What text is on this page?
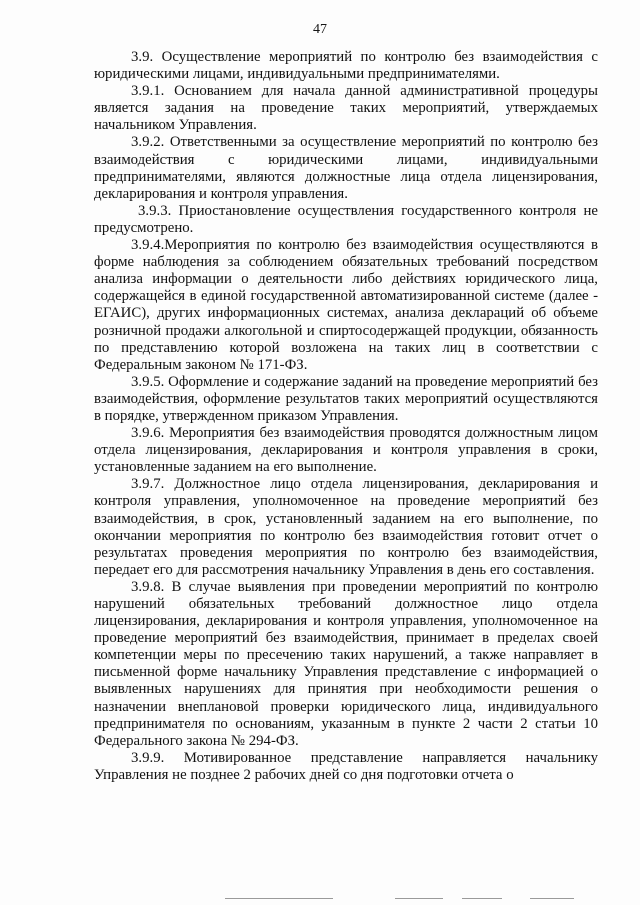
47

3.9. Осуществление мероприятий по контролю без взаимодействия с юридическими лицами, индивидуальными предпринимателями.

3.9.1. Основанием для начала данной административной процедуры является задания на проведение таких мероприятий, утверждаемых начальником Управления.

3.9.2. Ответственными за осуществление мероприятий по контролю без взаимодействия с юридическими лицами, индивидуальными предпринимателями, являются должностные лица отдела лицензирования, декларирования и контроля управления.

3.9.3. Приостановление осуществления государственного контроля не предусмотрено.

3.9.4.Мероприятия по контролю без взаимодействия осуществляются в форме наблюдения за соблюдением обязательных требований посредством анализа информации о деятельности либо действиях юридического лица, содержащейся в единой государственной автоматизированной системе (далее - ЕГАИС), других информационных системах, анализа деклараций об объеме розничной продажи алкогольной и спиртосодержащей продукции, обязанность по представлению которой возложена на таких лиц в соответствии с Федеральным законом № 171-ФЗ.

3.9.5. Оформление и содержание заданий на проведение мероприятий без взаимодействия, оформление результатов таких мероприятий осуществляются в порядке, утвержденном приказом Управления.

3.9.6. Мероприятия без взаимодействия проводятся должностным лицом отдела лицензирования, декларирования и контроля управления в сроки, установленные заданием на его выполнение.

3.9.7. Должностное лицо отдела лицензирования, декларирования и контроля управления, уполномоченное на проведение мероприятий без взаимодействия, в срок, установленный заданием на его выполнение, по окончании мероприятия по контролю без взаимодействия готовит отчет о результатах проведения мероприятия по контролю без взаимодействия, передает его для рассмотрения начальнику Управления в день его составления.

3.9.8. В случае выявления при проведении мероприятий по контролю нарушений обязательных требований должностное лицо отдела лицензирования, декларирования и контроля управления, уполномоченное на проведение мероприятий без взаимодействия, принимает в пределах своей компетенции меры по пресечению таких нарушений, а также направляет в письменной форме начальнику Управления представление с информацией о выявленных нарушениях для принятия при необходимости решения о назначении внеплановой проверки юридического лица, индивидуального предпринимателя по основаниям, указанным в пункте 2 части 2 статьи 10 Федерального закона № 294-ФЗ.

3.9.9. Мотивированное представление направляется начальнику Управления не позднее 2 рабочих дней со дня подготовки отчета о
